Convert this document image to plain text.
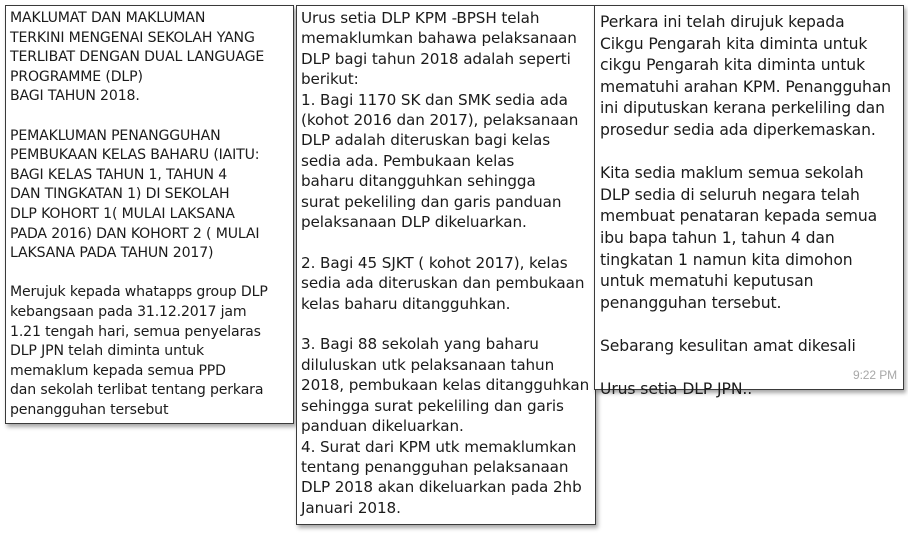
MAKLUMAT DAN MAKLUMAN
TERKINI MENGENAI SEKOLAH YANG
TERLIBAT DENGAN DUAL LANGUAGE
PROGRAMME (DLP)
BAGI TAHUN 2018.
PEMAKLUMAN PENANGGUHAN
PEMBUKAAN KELAS BAHARU (IAITU:
BAGI KELAS TAHUN 1, TAHUN 4
DAN TINGKATAN 1) DI SEKOLAH
DLP KOHORT 1( MULAI LAKSANA
PADA 2016) DAN KOHORT 2 ( MULAI
LAKSANA PADA TAHUN 2017)
Merujuk kepada whatapps group DLP
kebangsaan pada 31.12.2017 jam
1.21 tengah hari, semua penyelaras
DLP JPN telah diminta untuk
memaklum kepada semua PPD
dan sekolah terlibat tentang perkara
penangguhan tersebut
Urus setia DLP KPM -BPSH telah
memaklumkan bahawa pelaksanaan
DLP bagi tahun 2018 adalah seperti
berikut:
1. Bagi 1170 SK dan SMK sedia ada
(kohot 2016 dan 2017), pelaksanaan
DLP adalah diteruskan bagi kelas
sedia ada. Pembukaan kelas
baharu ditangguhkan sehingga
surat pekeliling dan garis panduan
pelaksanaan DLP dikeluarkan.
2. Bagi 45 SJKT ( kohot 2017), kelas
sedia ada diteruskan dan pembukaan
kelas baharu ditangguhkan.
3. Bagi 88 sekolah yang baharu
diluluskan utk pelaksanaan tahun
2018, pembukaan kelas ditangguhkan
sehingga surat pekeliling dan garis
panduan dikeluarkan.
4. Surat dari KPM utk memaklumkan
tentang penangguhan pelaksanaan
DLP 2018 akan dikeluarkan pada 2hb
Januari 2018.
Perkara ini telah dirujuk kepada
Cikgu Pengarah kita diminta untuk
cikgu Pengarah kita diminta untuk
mematuhi arahan KPM. Penangguhan
ini diputuskan kerana perkeliling dan
prosedur sedia ada diperkemaskan.
Kita sedia maklum semua sekolah
DLP sedia di seluruh negara telah
membuat penataran kepada semua
ibu bapa tahun 1, tahun 4 dan
tingkatan 1 namun kita dimohon
untuk mematuhi keputusan
penangguhan tersebut.
Sebarang kesulitan amat dikesali
Urus setia DLP JPN..
9:22 PM
